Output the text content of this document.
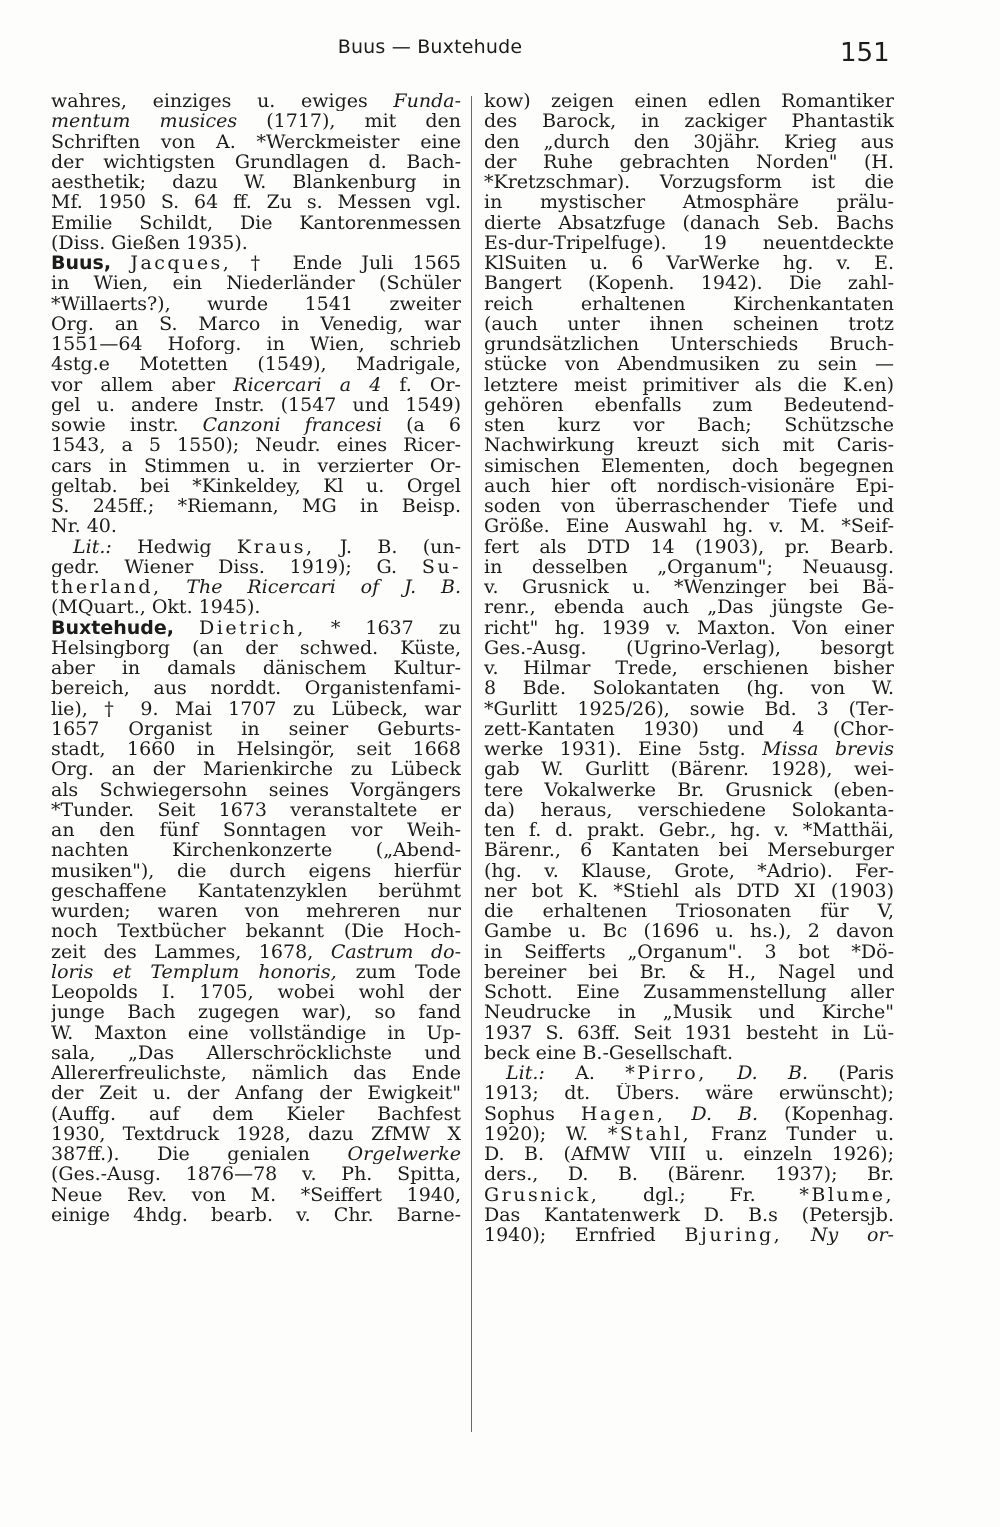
Buus — Buxtehude	151
wahres, einziges u. ewiges Funda-
mentum musices (1717), mit den
Schriften von A. *Werckmeister eine
der wichtigsten Grundlagen d. Bach-
aesthetik; dazu W. Blankenburg in
Mf. 1950 S. 64 ff. Zu s. Messen vgl.
Emilie Schildt, Die Kantorenmessen
(Diss. Gießen 1935).
Buus, Jacques, † Ende Juli 1565
in Wien, ein Niederländer (Schüler
*Willaerts?), wurde 1541 zweiter
Org. an S. Marco in Venedig, war
1551—64 Hoforg. in Wien, schrieb
4stg.e Motetten (1549), Madrigale,
vor allem aber Ricercari a 4 f. Or-
gel u. andere Instr. (1547 und 1549)
sowie instr. Canzoni francesi (a 6
1543, a 5 1550); Neudr. eines Ricer-
cars in Stimmen u. in verzierter Or-
geltab. bei *Kinkeldey, Kl u. Orgel
S. 245ff.; *Riemann, MG in Beisp.
Nr. 40.
Lit.: Hedwig Kraus, J. B. (un-
gedr. Wiener Diss. 1919); G. Su-
therland, The Ricercari of J. B.
(MQuart., Okt. 1945).
Buxtehude, Dietrich, * 1637 zu
Helsingborg (an der schwed. Küste,
aber in damals dänischem Kultur-
bereich, aus norddt. Organistenfami-
lie), † 9. Mai 1707 zu Lübeck, war
1657 Organist in seiner Geburts-
stadt, 1660 in Helsingör, seit 1668
Org. an der Marienkirche zu Lübeck
als Schwiegersohn seines Vorgängers
*Tunder. Seit 1673 veranstaltete er
an den fünf Sonntagen vor Weih-
nachten Kirchenkonzerte („Abend-
musiken"), die durch eigens hierfür
geschaffene Kantatenzyklen berühmt
wurden; waren von mehreren nur
noch Textbücher bekannt (Die Hoch-
zeit des Lammes, 1678, Castrum do-
loris et Templum honoris, zum Tode
Leopolds I. 1705, wobei wohl der
junge Bach zugegen war), so fand
W. Maxton eine vollständige in Up-
sala, „Das Allerschröcklichste und
Allererfreulichste, nämlich das Ende
der Zeit u. der Anfang der Ewigkeit"
(Auffg. auf dem Kieler Bachfest
1930, Textdruck 1928, dazu ZfMW X
387ff.). Die genialen Orgelwerke
(Ges.-Ausg. 1876—78 v. Ph. Spitta,
Neue Rev. von M. *Seiffert 1940,
einige 4hdg. bearb. v. Chr. Barne-
kow) zeigen einen edlen Romantiker
des Barock, in zackiger Phantastik
den „durch den 30jähr. Krieg aus
der Ruhe gebrachten Norden" (H.
*Kretzschmar). Vorzugsform ist die
in mystischer Atmosphäre prälu-
dierte Absatzfuge (danach Seb. Bachs
Es-dur-Tripelfuge). 19 neuentdeckte
KlSuiten u. 6 VarWerke hg. v. E.
Bangert (Kopenh. 1942). Die zahl-
reich erhaltenen Kirchenkantaten
(auch unter ihnen scheinen trotz
grundsätzlichen Unterschieds Bruch-
stücke von Abendmusiken zu sein —
letztere meist primitiver als die K.en)
gehören ebenfalls zum Bedeutend-
sten kurz vor Bach; Schützsche
Nachwirkung kreuzt sich mit Caris-
simischen Elementen, doch begegnen
auch hier oft nordisch-visionäre Epi-
soden von überraschender Tiefe und
Größe. Eine Auswahl hg. v. M. *Seif-
fert als DTD 14 (1903), pr. Bearb.
in desselben „Organum"; Neuausg.
v. Grusnick u. *Wenzinger bei Bä-
renr., ebenda auch „Das jüngste Ge-
richt" hg. 1939 v. Maxton. Von einer
Ges.-Ausg. (Ugrino-Verlag), besorgt
v. Hilmar Trede, erschienen bisher
8 Bde. Solokantaten (hg. von W.
*Gurlitt 1925/26), sowie Bd. 3 (Ter-
zett-Kantaten 1930) und 4 (Chor-
werke 1931). Eine 5stg. Missa brevis
gab W. Gurlitt (Bärenr. 1928), wei-
tere Vokalwerke Br. Grusnick (eben-
da) heraus, verschiedene Solokanta-
ten f. d. prakt. Gebr., hg. v. *Matthäi,
Bärenr., 6 Kantaten bei Merseburger
(hg. v. Klause, Grote, *Adrio). Fer-
ner bot K. *Stiehl als DTD XI (1903)
die erhaltenen Triosonaten für V,
Gambe u. Bc (1696 u. hs.), 2 davon
in Seifferts „Organum". 3 bot *Dö-
bereiner bei Br. & H., Nagel und
Schott. Eine Zusammenstellung aller
Neudrucke in „Musik und Kirche"
1937 S. 63ff. Seit 1931 besteht in Lü-
beck eine B.-Gesellschaft.
Lit.: A. *Pirro, D. B. (Paris
1913; dt. Übers. wäre erwünscht);
Sophus Hagen, D. B. (Kopenhag.
1920); W. *Stahl, Franz Tunder u.
D. B. (AfMW VIII u. einzeln 1926);
ders., D. B. (Bärenr. 1937); Br.
Grusnick, dgl.; Fr. *Blume,
Das Kantatenwerk D. B.s (Petersjb.
1940); Ernfried Bjuring, Ny or-
